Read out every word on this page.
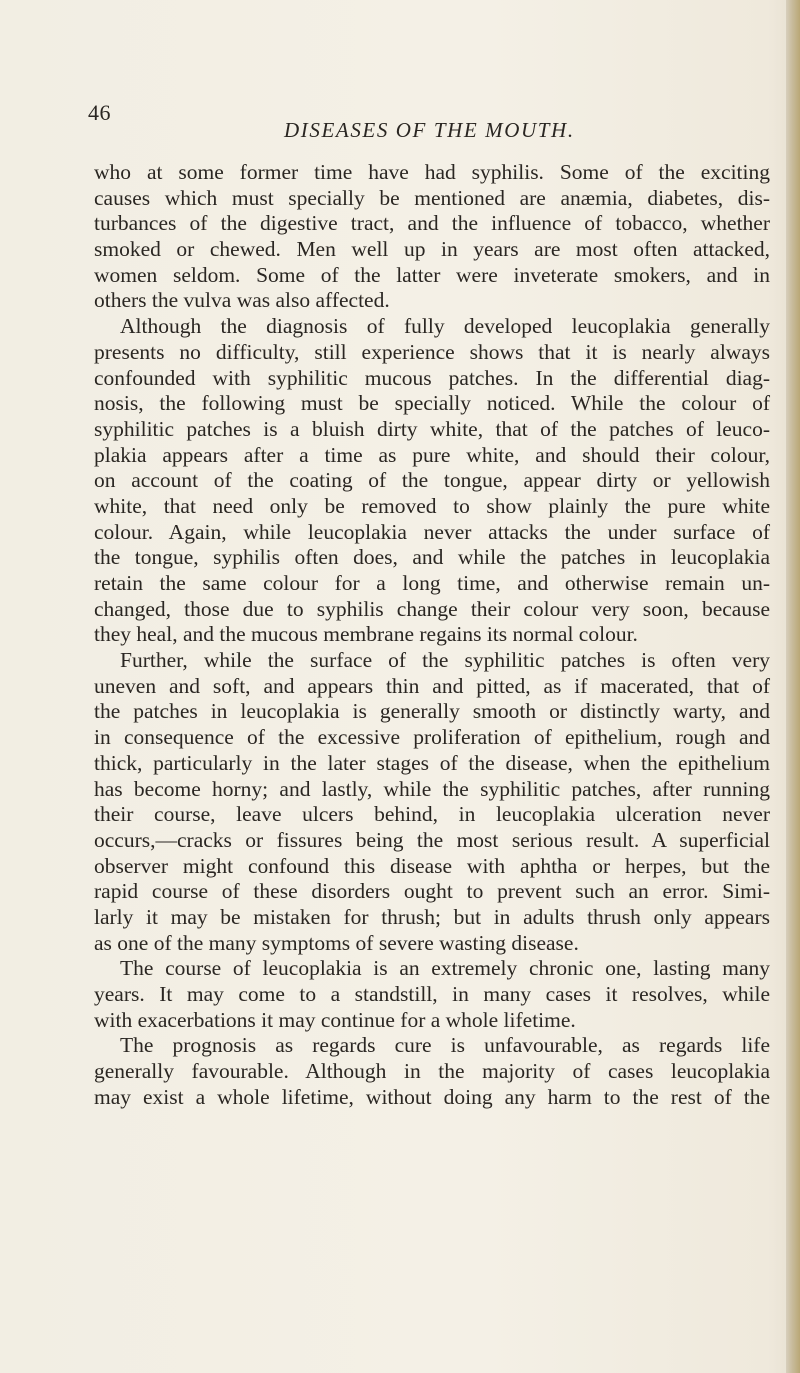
46
DISEASES OF THE MOUTH.
who at some former time have had syphilis. Some of the exciting
causes which must specially be mentioned are anæmia, diabetes, dis-
turbances of the digestive tract, and the influence of tobacco, whether
smoked or chewed. Men well up in years are most often attacked,
women seldom. Some of the latter were inveterate smokers, and in
others the vulva was also affected.
Although the diagnosis of fully developed leucoplakia generally
presents no difficulty, still experience shows that it is nearly always
confounded with syphilitic mucous patches. In the differential diag-
nosis, the following must be specially noticed. While the colour of
syphilitic patches is a bluish dirty white, that of the patches of leuco-
plakia appears after a time as pure white, and should their colour,
on account of the coating of the tongue, appear dirty or yellowish
white, that need only be removed to show plainly the pure white
colour. Again, while leucoplakia never attacks the under surface of
the tongue, syphilis often does, and while the patches in leucoplakia
retain the same colour for a long time, and otherwise remain un-
changed, those due to syphilis change their colour very soon, because
they heal, and the mucous membrane regains its normal colour.
Further, while the surface of the syphilitic patches is often very
uneven and soft, and appears thin and pitted, as if macerated, that of
the patches in leucoplakia is generally smooth or distinctly warty, and
in consequence of the excessive proliferation of epithelium, rough and
thick, particularly in the later stages of the disease, when the epithelium
has become horny; and lastly, while the syphilitic patches, after running
their course, leave ulcers behind, in leucoplakia ulceration never
occurs,—cracks or fissures being the most serious result. A superficial
observer might confound this disease with aphtha or herpes, but the
rapid course of these disorders ought to prevent such an error. Simi-
larly it may be mistaken for thrush; but in adults thrush only appears
as one of the many symptoms of severe wasting disease.
The course of leucoplakia is an extremely chronic one, lasting many
years. It may come to a standstill, in many cases it resolves, while
with exacerbations it may continue for a whole lifetime.
The prognosis as regards cure is unfavourable, as regards life
generally favourable. Although in the majority of cases leucoplakia
may exist a whole lifetime, without doing any harm to the rest of the
